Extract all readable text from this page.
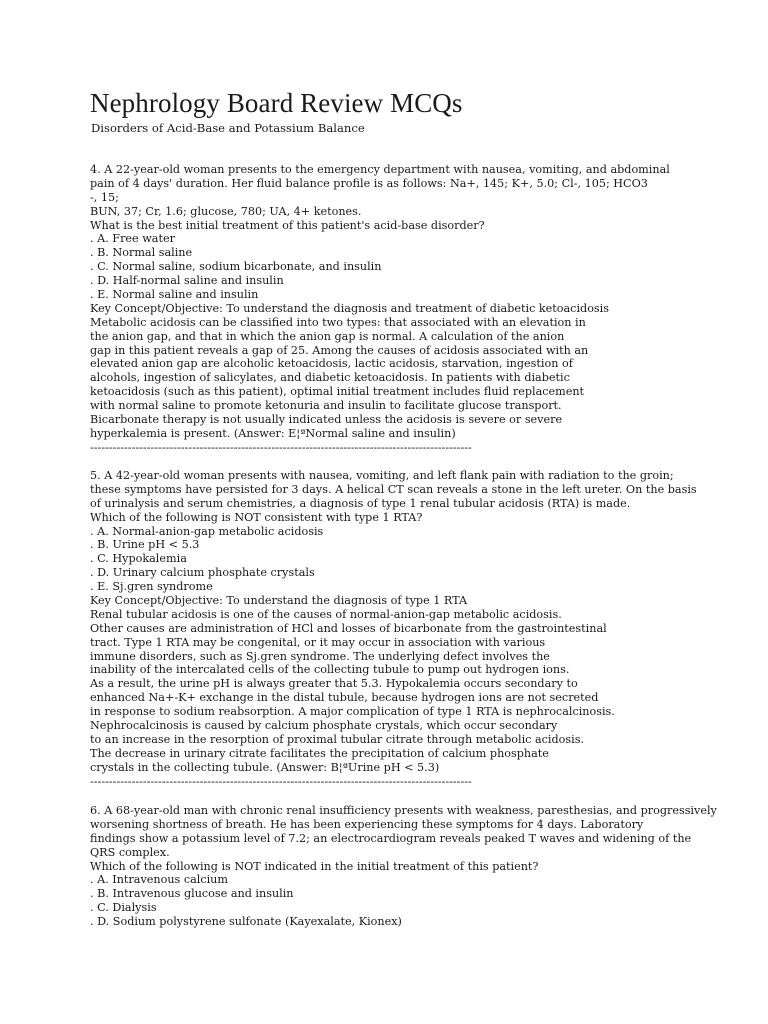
Nephrology Board Review MCQs

Disorders of Acid-Base and Potassium Balance

4. A 22-year-old woman presents to the emergency department with nausea, vomiting, and abdominal
pain of 4 days' duration. Her fluid balance profile is as follows: Na+, 145; K+, 5.0; Cl-, 105; HCO3
-, 15;
BUN, 37; Cr, 1.6; glucose, 780; UA, 4+ ketones.
What is the best initial treatment of this patient's acid-base disorder?
. A. Free water
. B. Normal saline
. C. Normal saline, sodium bicarbonate, and insulin
. D. Half-normal saline and insulin
. E. Normal saline and insulin
Key Concept/Objective: To understand the diagnosis and treatment of diabetic ketoacidosis
Metabolic acidosis can be classified into two types: that associated with an elevation in
the anion gap, and that in which the anion gap is normal. A calculation of the anion
gap in this patient reveals a gap of 25. Among the causes of acidosis associated with an
elevated anion gap are alcoholic ketoacidosis, lactic acidosis, starvation, ingestion of
alcohols, ingestion of salicylates, and diabetic ketoacidosis. In patients with diabetic
ketoacidosis (such as this patient), optimal initial treatment includes fluid replacement
with normal saline to promote ketonuria and insulin to facilitate glucose transport.
Bicarbonate therapy is not usually indicated unless the acidosis is severe or severe
hyperkalemia is present. (Answer: E¦ªNormal saline and insulin)
-----------------------------------------------------------------------------------------------------
5. A 42-year-old woman presents with nausea, vomiting, and left flank pain with radiation to the groin;
these symptoms have persisted for 3 days. A helical CT scan reveals a stone in the left ureter. On the basis
of urinalysis and serum chemistries, a diagnosis of type 1 renal tubular acidosis (RTA) is made.
Which of the following is NOT consistent with type 1 RTA?
. A. Normal-anion-gap metabolic acidosis
. B. Urine pH < 5.3
. C. Hypokalemia
. D. Urinary calcium phosphate crystals
. E. Sj.gren syndrome
Key Concept/Objective: To understand the diagnosis of type 1 RTA
Renal tubular acidosis is one of the causes of normal-anion-gap metabolic acidosis.
Other causes are administration of HCl and losses of bicarbonate from the gastrointestinal
tract. Type 1 RTA may be congenital, or it may occur in association with various
immune disorders, such as Sj.gren syndrome. The underlying defect involves the
inability of the intercalated cells of the collecting tubule to pump out hydrogen ions.
As a result, the urine pH is always greater that 5.3. Hypokalemia occurs secondary to
enhanced Na+-K+ exchange in the distal tubule, because hydrogen ions are not secreted
in response to sodium reabsorption. A major complication of type 1 RTA is nephrocalcinosis.
Nephrocalcinosis is caused by calcium phosphate crystals, which occur secondary
to an increase in the resorption of proximal tubular citrate through metabolic acidosis.
The decrease in urinary citrate facilitates the precipitation of calcium phosphate
crystals in the collecting tubule. (Answer: B¦ªUrine pH < 5.3)
-----------------------------------------------------------------------------------------------------
6. A 68-year-old man with chronic renal insufficiency presents with weakness, paresthesias, and progressively
worsening shortness of breath. He has been experiencing these symptoms for 4 days. Laboratory
findings show a potassium level of 7.2; an electrocardiogram reveals peaked T waves and widening of the
QRS complex.
Which of the following is NOT indicated in the initial treatment of this patient?
. A. Intravenous calcium
. B. Intravenous glucose and insulin
. C. Dialysis
. D. Sodium polystyrene sulfonate (Kayexalate, Kionex)
